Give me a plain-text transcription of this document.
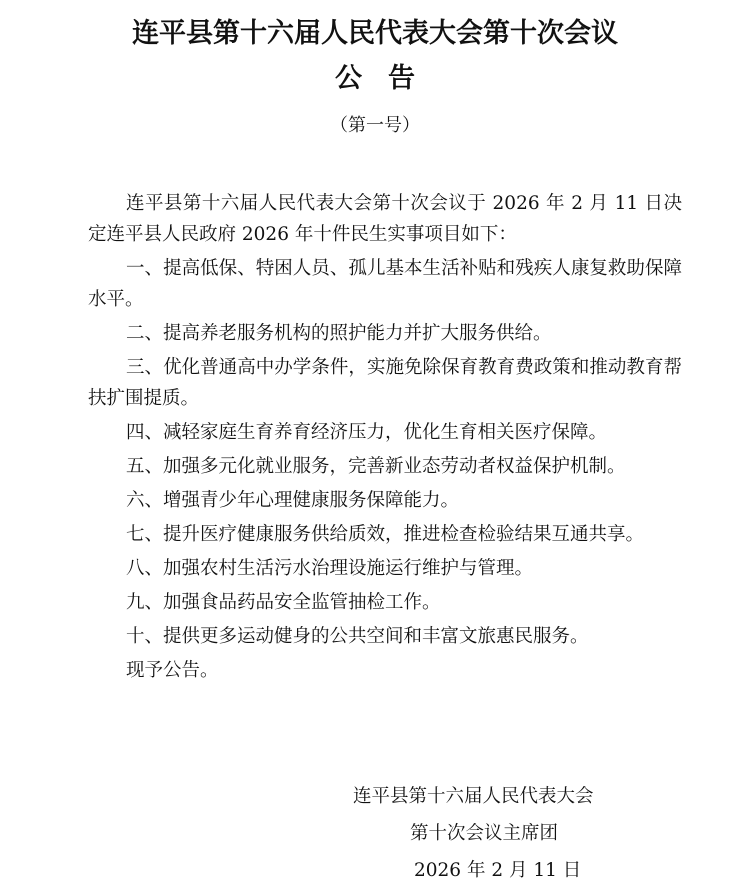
连平县第十六届人民代表大会第十次会议
公告
（第一号）

连平县第十六届人民代表大会第十次会议于 2026 年 2 月 11 日决定连平县人民政府 2026 年十件民生实事项目如下：

一、提高低保、特困人员、孤儿基本生活补贴和残疾人康复救助保障水平。

二、提高养老服务机构的照护能力并扩大服务供给。

三、优化普通高中办学条件，实施免除保育教育费政策和推动教育帮扶扩围提质。

四、减轻家庭生育养育经济压力，优化生育相关医疗保障。

五、加强多元化就业服务，完善新业态劳动者权益保护机制。

六、增强青少年心理健康服务保障能力。

七、提升医疗健康服务供给质效，推进检查检验结果互通共享。

八、加强农村生活污水治理设施运行维护与管理。

九、加强食品药品安全监管抽检工作。

十、提供更多运动健身的公共空间和丰富文旅惠民服务。

现予公告。

连平县第十六届人民代表大会
第十次会议主席团
2026 年 2 月 11 日
